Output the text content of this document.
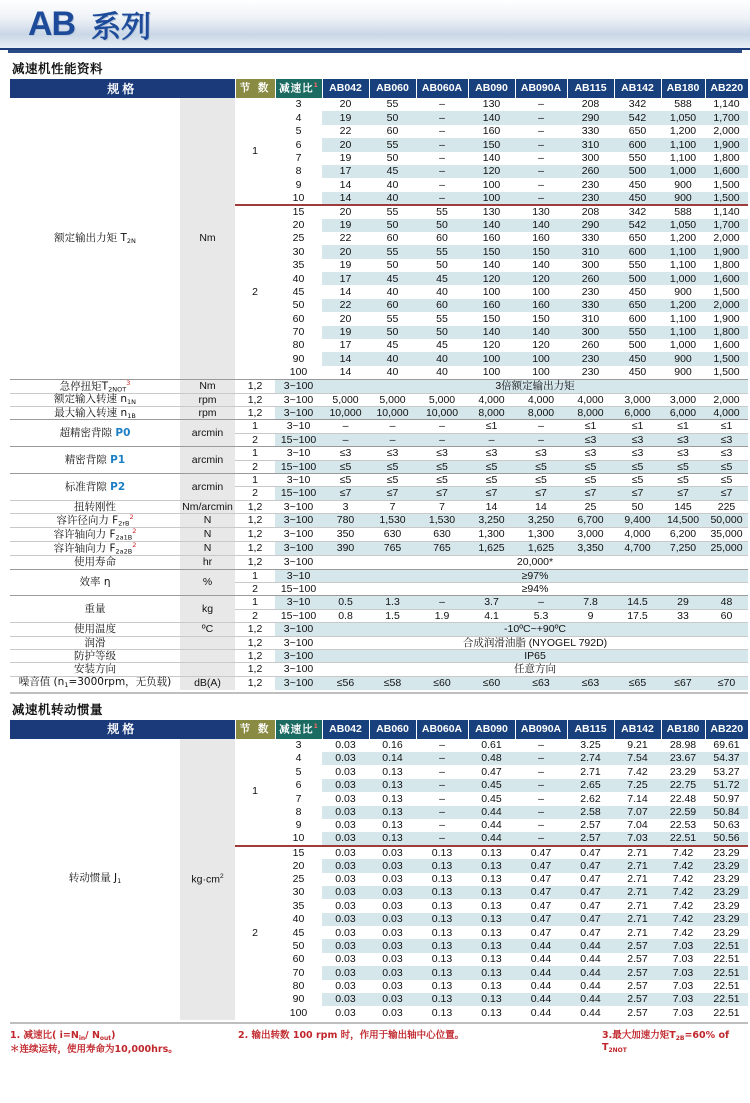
AB 系列
减速机性能资料
规格		节 数	减速比$^1$	AB042	AB060	AB060A	AB090	AB090A	AB115	AB142	AB180	AB220
额定输出力矩 $T_{2N}$	Nm	1	3	20	55	–	130	–	208	342	588	1,140
			4	19	50	–	140	–	290	542	1,050	1,700
			5	22	60	–	160	–	330	650	1,200	2,000
			6	20	55	–	150	–	310	600	1,100	1,900
			7	19	50	–	140	–	300	550	1,100	1,800
			8	17	45	–	120	–	260	500	1,000	1,600
			9	14	40	–	100	–	230	450	900	1,500
			10	14	40	–	100	–	230	450	900	1,500
		2	15	20	55	55	130	130	208	342	588	1,140
			20	19	50	50	140	140	290	542	1,050	1,700
			25	22	60	60	160	160	330	650	1,200	2,000
			30	20	55	55	150	150	310	600	1,100	1,900
			35	19	50	50	140	140	300	550	1,100	1,800
			40	17	45	45	120	120	260	500	1,000	1,600
			45	14	40	40	100	100	230	450	900	1,500
			50	22	60	60	160	160	330	650	1,200	2,000
			60	20	55	55	150	150	310	600	1,100	1,900
			70	19	50	50	140	140	300	550	1,100	1,800
			80	17	45	45	120	120	260	500	1,000	1,600
			90	14	40	40	100	100	230	450	900	1,500
			100	14	40	40	100	100	230	450	900	1,500
急停扭矩$T_{2NOT}^3$	Nm	1,2	3~100	3倍额定输出力矩								
额定输入转速 $n_{1N}$	rpm	1,2	3~100	5,000	5,000	5,000	4,000	4,000	4,000	3,000	3,000	2,000
最大输入转速 $n_{1B}$	rpm	1,2	3~100	10,000	10,000	10,000	8,000	8,000	8,000	6,000	6,000	4,000
超精密背隙 P0	arcmin	1	3~10	–	–	–	≤1	–	≤1	≤1	≤1	≤1
		2	15~100	–	–	–	–	–	≤3	≤3	≤3	≤3
精密背隙 P1	arcmin	1	3~10	≤3	≤3	≤3	≤3	≤3	≤3	≤3	≤3	≤3
		2	15~100	≤5	≤5	≤5	≤5	≤5	≤5	≤5	≤5	≤5
标准背隙 P2	arcmin	1	3~10	≤5	≤5	≤5	≤5	≤5	≤5	≤5	≤5	≤5
		2	15~100	≤7	≤7	≤7	≤7	≤7	≤7	≤7	≤7	≤7
扭转刚性	Nm/arcmin	1,2	3~100	3	7	7	14	14	25	50	145	225
容许径向力 $F_{2rB}^2$	N	1,2	3~100	780	1,530	1,530	3,250	3,250	6,700	9,400	14,500	50,000
容许轴向力 $F_{2a1B}^2$	N	1,2	3~100	350	630	630	1,300	1,300	3,000	4,000	6,200	35,000
容许轴向力 $F_{2a2B}^2$	N	1,2	3~100	390	765	765	1,625	1,625	3,350	4,700	7,250	25,000
使用寿命	hr	1,2	3~100	20,000*								
效率 η	%	1	3~10	≥97%								
		2	15~100	≥94%								
重量	kg	1	3~10	0.5	1.3	–	3.7	–	7.8	14.5	29	48
		2	15~100	0.8	1.5	1.9	4.1	5.3	9	17.5	33	60
使用温度	ºC	1,2	3~100	-10ºC~+90ºC								
润滑		1,2	3~100	合成润滑油脂 (NYOGEL 792D)								
防护等级		1,2	3~100	IP65								
安装方向		1,2	3~100	任意方向								
噪音值 ($n_1=3000rpm$，无负载)	dB(A)	1,2	3~100	≤56	≤58	≤60	≤60	≤63	≤63	≤65	≤67	≤70
减速机转动惯量
规格		节 数	减速比$^1$	AB042	AB060	AB060A	AB090	AB090A	AB115	AB142	AB180	AB220
转动惯量 $J_1$	$kg\cdot cm^2$	1	3	0.03	0.16	–	0.61	–	3.25	9.21	28.98	69.61
			4	0.03	0.14	–	0.48	–	2.74	7.54	23.67	54.37
			5	0.03	0.13	–	0.47	–	2.71	7.42	23.29	53.27
			6	0.03	0.13	–	0.45	–	2.65	7.25	22.75	51.72
			7	0.03	0.13	–	0.45	–	2.62	7.14	22.48	50.97
			8	0.03	0.13	–	0.44	–	2.58	7.07	22.59	50.84
			9	0.03	0.13	–	0.44	–	2.57	7.04	22.53	50.63
			10	0.03	0.13	–	0.44	–	2.57	7.03	22.51	50.56
		2	15	0.03	0.03	0.13	0.13	0.47	0.47	2.71	7.42	23.29
			20	0.03	0.03	0.13	0.13	0.47	0.47	2.71	7.42	23.29
			25	0.03	0.03	0.13	0.13	0.47	0.47	2.71	7.42	23.29
			30	0.03	0.03	0.13	0.13	0.47	0.47	2.71	7.42	23.29
			35	0.03	0.03	0.13	0.13	0.47	0.47	2.71	7.42	23.29
			40	0.03	0.03	0.13	0.13	0.47	0.47	2.71	7.42	23.29
			45	0.03	0.03	0.13	0.13	0.47	0.47	2.71	7.42	23.29
			50	0.03	0.03	0.13	0.13	0.44	0.44	2.57	7.03	22.51
			60	0.03	0.03	0.13	0.13	0.44	0.44	2.57	7.03	22.51
			70	0.03	0.03	0.13	0.13	0.44	0.44	2.57	7.03	22.51
			80	0.03	0.03	0.13	0.13	0.44	0.44	2.57	7.03	22.51
			90	0.03	0.03	0.13	0.13	0.44	0.44	2.57	7.03	22.51
			100	0.03	0.03	0.13	0.13	0.44	0.44	2.57	7.03	22.51
1. 减速比( $i=N_{in}/$ $N_{out}$)
＊连续运转，使用寿命为10,000hrs。
2. 输出转数 100 rpm 时，作用于输出轴中心位置。	3.最大加速力矩$T_{2B}=60\%$ of $T_{2NOT}$
